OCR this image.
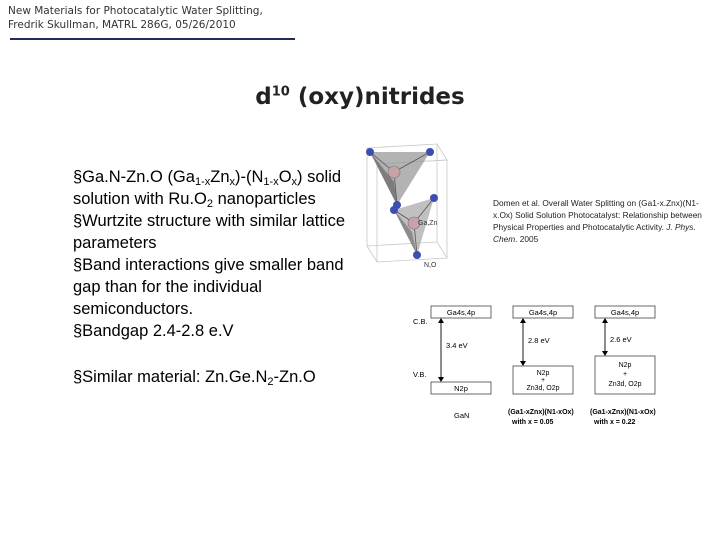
New Materials for Photocatalytic Water Splitting,
Fredrik Skullman, MATRL 286G, 05/26/2010
$d^{10}$ (oxy)nitrides

§Ga.N-Zn.O $(Ga_{1-x}Zn_x)-(N_{1-x}O_x)$ solid solution with $Ru.O_2$ nanoparticles

§Wurtzite structure with similar lattice parameters

§Band interactions give smaller band gap than for the individual semiconductors.

§Bandgap 2.4-2.8 e.V

§Similar material: $Zn.Ge.N_2-Zn.O$

Domen et al. Overall Water Splitting on (Ga1-x.Znx)(N1-x.Ox) Solid Solution Photocatalyst: Relationship between Physical Properties and Photocatalytic Activity. J. Phys. Chem. 2005
Ga,Zn
N,O
C.B.
V.B.
Ga4s,4p
3.4 eV
N2p
GaN
Ga4s,4p
2.8 eV
N2p
+
Zn3d, O2p
(Ga1-xZnx)(N1-xOx)
with x = 0.05
Ga4s,4p
2.6 eV
N2p
+
Zn3d, O2p
(Ga1-xZnx)(N1-xOx)
with x = 0.22
